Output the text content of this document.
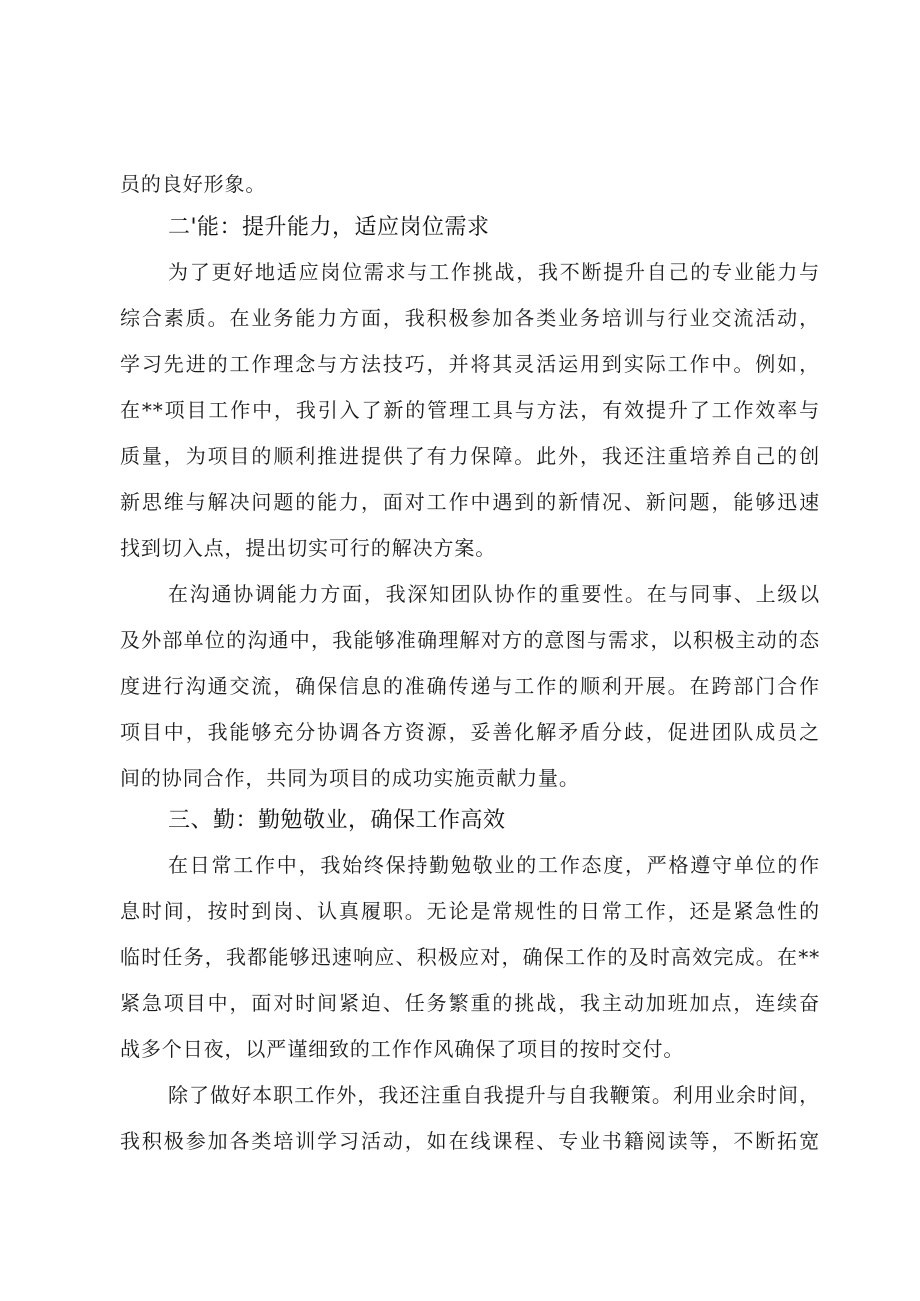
员的良好形象。
二'能：提升能力，适应岗位需求
为了更好地适应岗位需求与工作挑战，我不断提升自己的专业能力与
综合素质。在业务能力方面，我积极参加各类业务培训与行业交流活动，
学习先进的工作理念与方法技巧，并将其灵活运用到实际工作中。例如，
在**项目工作中，我引入了新的管理工具与方法，有效提升了工作效率与
质量，为项目的顺利推进提供了有力保障。此外，我还注重培养自己的创
新思维与解决问题的能力，面对工作中遇到的新情况、新问题，能够迅速
找到切入点，提出切实可行的解决方案。
在沟通协调能力方面，我深知团队协作的重要性。在与同事、上级以
及外部单位的沟通中，我能够准确理解对方的意图与需求，以积极主动的态
度进行沟通交流，确保信息的准确传递与工作的顺利开展。在跨部门合作
项目中，我能够充分协调各方资源，妥善化解矛盾分歧，促进团队成员之
间的协同合作，共同为项目的成功实施贡献力量。
三、勤：勤勉敬业，确保工作高效
在日常工作中，我始终保持勤勉敬业的工作态度，严格遵守单位的作
息时间，按时到岗、认真履职。无论是常规性的日常工作，还是紧急性的
临时任务，我都能够迅速响应、积极应对，确保工作的及时高效完成。在**
紧急项目中，面对时间紧迫、任务繁重的挑战，我主动加班加点，连续奋
战多个日夜，以严谨细致的工作作风确保了项目的按时交付。
除了做好本职工作外，我还注重自我提升与自我鞭策。利用业余时间，
我积极参加各类培训学习活动，如在线课程、专业书籍阅读等，不断拓宽
